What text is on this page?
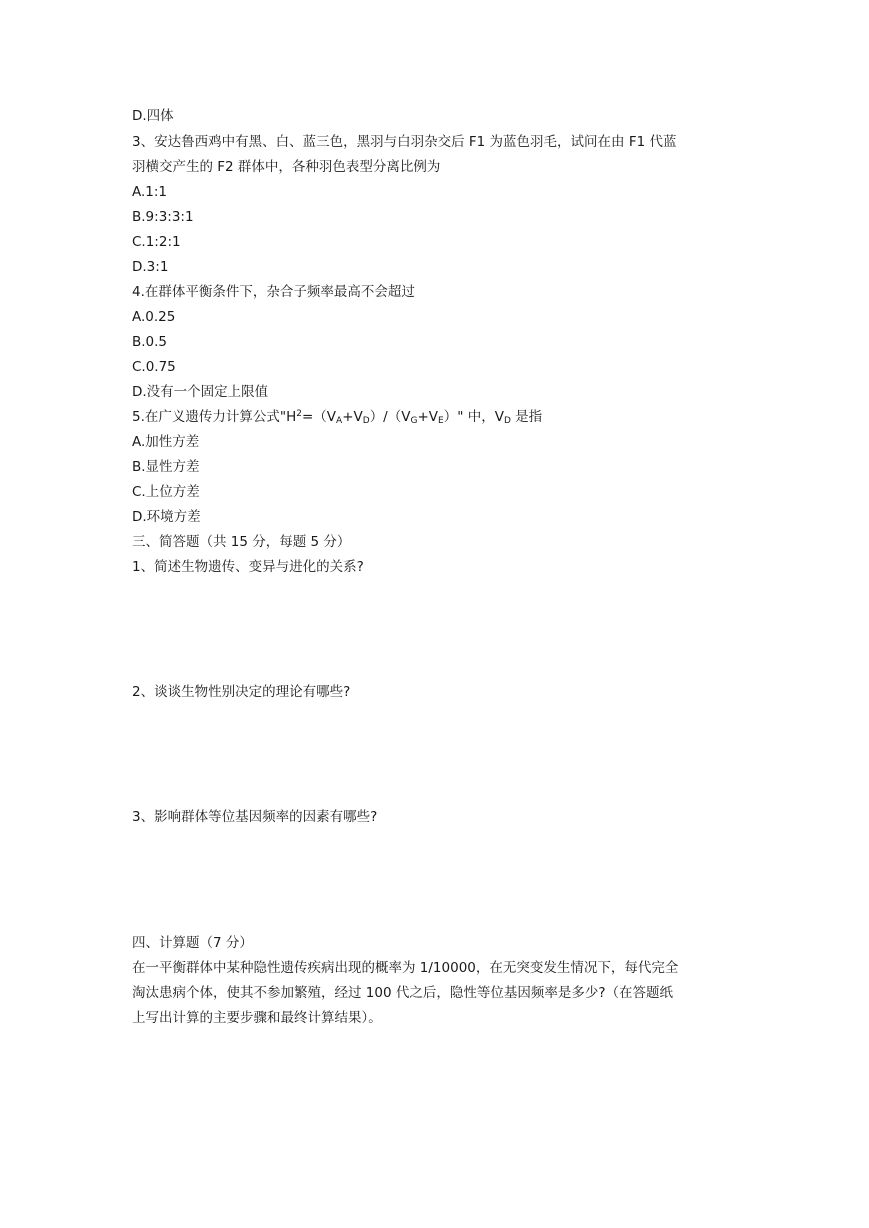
D.四体
3、安达鲁西鸡中有黑、白、蓝三色，黑羽与白羽杂交后 F1 为蓝色羽毛，试问在由 F1 代蓝
羽横交产生的 F2 群体中，各种羽色表型分离比例为
A.1:1
B.9:3:3:1
C.1:2:1
D.3:1
4.在群体平衡条件下，杂合子频率最高不会超过
A.0.25
B.0.5
C.0.75
D.没有一个固定上限值
5.在广义遗传力计算公式"$H^2=(V_A+V_D)/(V_G+V_E)$" 中，$V_D$ 是指
A.加性方差
B.显性方差
C.上位方差
D.环境方差
三、简答题（共 15 分，每题 5 分）
1、简述生物遗传、变异与进化的关系?
2、谈谈生物性别决定的理论有哪些?
3、影响群体等位基因频率的因素有哪些?
四、计算题（7 分）
在一平衡群体中某种隐性遗传疾病出现的概率为 1/10000，在无突变发生情况下，每代完全
淘汰患病个体，使其不参加繁殖，经过 100 代之后，隐性等位基因频率是多少?（在答题纸
上写出计算的主要步骤和最终计算结果）。
